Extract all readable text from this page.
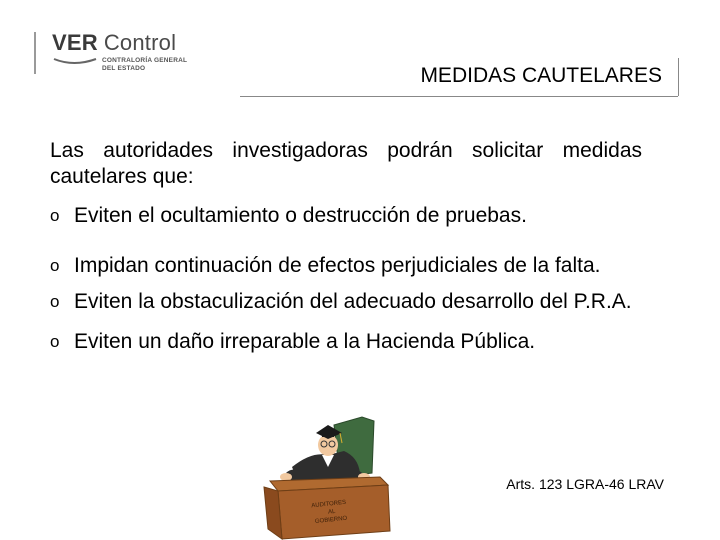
VER Control
CONTRALORÍA GENERAL
DEL ESTADO	MEDIDAS CAUTELARES
Las autoridades investigadoras podrán solicitar medidas cautelares que:
o Eviten el ocultamiento o destrucción de pruebas.
o Impidan continuación de efectos perjudiciales de la falta.
o Eviten la obstaculización del adecuado desarrollo del P.R.A.
o Eviten un daño irreparable a la Hacienda Pública.
AUDITORES
AL
GOBIERNO
Arts. 123 LGRA-46 LRAV
